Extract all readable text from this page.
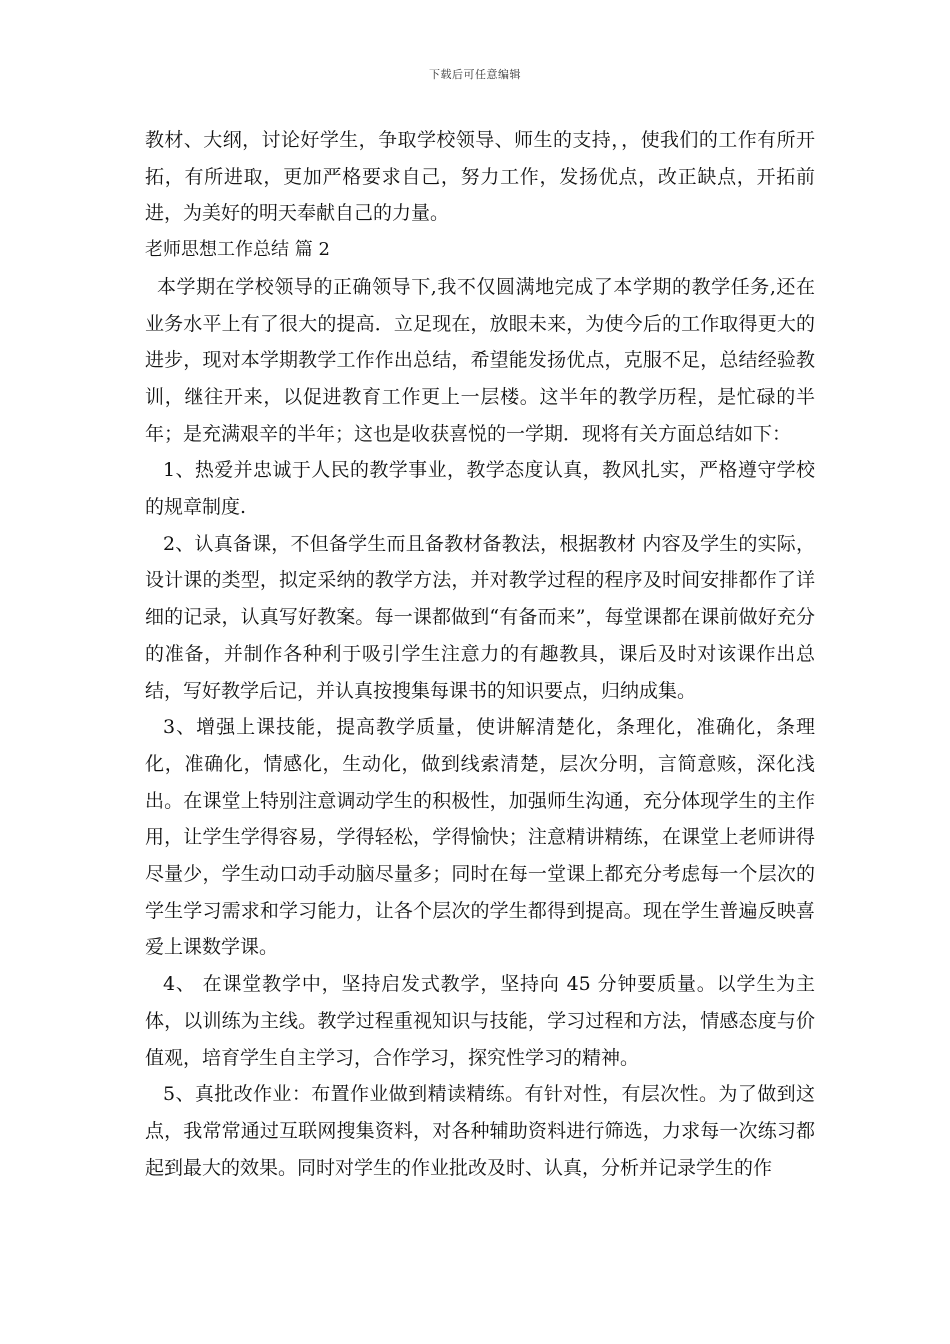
下载后可任意编辑

教材、大纲，讨论好学生，争取学校领导、师生的支持，，使我们的工作有所开拓，有所进取，更加严格要求自己，努力工作，发扬优点，改正缺点，开拓前进，为美好的明天奉献自己的力量。

老师思想工作总结 篇 2

本学期在学校领导的正确领导下,我不仅圆满地完成了本学期的教学任务,还在业务水平上有了很大的提高．立足现在，放眼未来，为使今后的工作取得更大的进步，现对本学期教学工作作出总结，希望能发扬优点，克服不足，总结经验教训，继往开来，以促进教育工作更上一层楼。这半年的教学历程，是忙碌的半年；是充满艰辛的半年；这也是收获喜悦的一学期．现将有关方面总结如下：

1、热爱并忠诚于人民的教学事业，教学态度认真，教风扎实，严格遵守学校的规章制度.

2、认真备课，不但备学生而且备教材备教法，根据教材 内容及学生的实际，设计课的类型，拟定采纳的教学方法，并对教学过程的程序及时间安排都作了详细的记录，认真写好教案。每一课都做到“有备而来”，每堂课都在课前做好充分的准备，并制作各种利于吸引学生注意力的有趣教具，课后及时对该课作出总结，写好教学后记，并认真按搜集每课书的知识要点，归纳成集。

3、增强上课技能，提高教学质量，使讲解清楚化，条理化，准确化，条理化，准确化，情感化，生动化，做到线索清楚，层次分明，言简意赅，深化浅出。在课堂上特别注意调动学生的积极性，加强师生沟通，充分体现学生的主作用，让学生学得容易，学得轻松，学得愉快；注意精讲精练，在课堂上老师讲得尽量少，学生动口动手动脑尽量多；同时在每一堂课上都充分考虑每一个层次的学生学习需求和学习能力，让各个层次的学生都得到提高。现在学生普遍反映喜爱上课数学课。

4、 在课堂教学中，坚持启发式教学，坚持向 45 分钟要质量。以学生为主体，以训练为主线。教学过程重视知识与技能，学习过程和方法，情感态度与价值观，培育学生自主学习，合作学习，探究性学习的精神。

5、真批改作业：布置作业做到精读精练。有针对性，有层次性。为了做到这点，我常常通过互联网搜集资料，对各种辅助资料进行筛选，力求每一次练习都起到最大的效果。同时对学生的作业批改及时、认真，分析并记录学生的作
